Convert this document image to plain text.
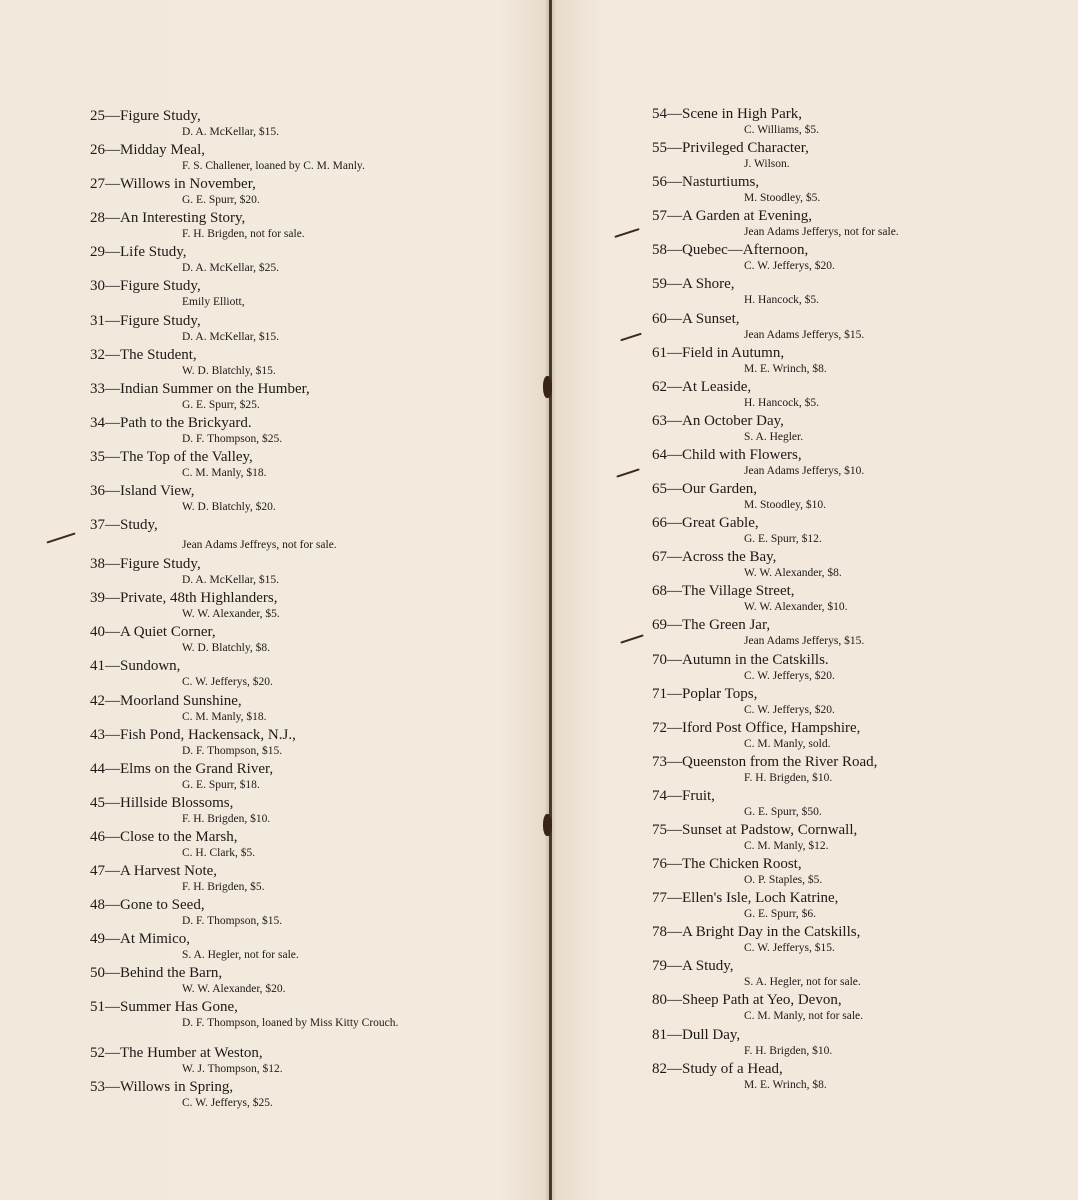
25—Figure Study,
D. A. McKellar, $15.
26—Midday Meal,
F. S. Challener, loaned by C. M. Manly.
27—Willows in November,
G. E. Spurr, $20.
28—An Interesting Story,
F. H. Brigden, not for sale.
29—Life Study,
D. A. McKellar, $25.
30—Figure Study,
Emily Elliott,
31—Figure Study,
D. A. McKellar, $15.
32—The Student,
W. D. Blatchly, $15.
33—Indian Summer on the Humber,
G. E. Spurr, $25.
34—Path to the Brickyard.
D. F. Thompson, $25.
35—The Top of the Valley,
C. M. Manly, $18.
36—Island View,
W. D. Blatchly, $20.
37—Study,
Jean Adams Jeffreys, not for sale.
38—Figure Study,
D. A. McKellar, $15.
39—Private, 48th Highlanders,
W. W. Alexander, $5.
40—A Quiet Corner,
W. D. Blatchly, $8.
41—Sundown,
C. W. Jefferys, $20.
42—Moorland Sunshine,
C. M. Manly, $18.
43—Fish Pond, Hackensack, N.J.,
D. F. Thompson, $15.
44—Elms on the Grand River,
G. E. Spurr, $18.
45—Hillside Blossoms,
F. H. Brigden, $10.
46—Close to the Marsh,
C. H. Clark, $5.
47—A Harvest Note,
F. H. Brigden, $5.
48—Gone to Seed,
D. F. Thompson, $15.
49—At Mimico,
S. A. Hegler, not for sale.
50—Behind the Barn,
W. W. Alexander, $20.
51—Summer Has Gone,
D. F. Thompson, loaned by Miss Kitty Crouch.
52—The Humber at Weston,
W. J. Thompson, $12.
53—Willows in Spring,
C. W. Jefferys, $25.
54—Scene in High Park,
C. Williams, $5.
55—Privileged Character,
J. Wilson.
56—Nasturtiums,
M. Stoodley, $5.
57—A Garden at Evening,
Jean Adams Jefferys, not for sale.
58—Quebec—Afternoon,
C. W. Jefferys, $20.
59—A Shore,
H. Hancock, $5.
60—A Sunset,
Jean Adams Jefferys, $15.
61—Field in Autumn,
M. E. Wrinch, $8.
62—At Leaside,
H. Hancock, $5.
63—An October Day,
S. A. Hegler.
64—Child with Flowers,
Jean Adams Jefferys, $10.
65—Our Garden,
M. Stoodley, $10.
66—Great Gable,
G. E. Spurr, $12.
67—Across the Bay,
W. W. Alexander, $8.
68—The Village Street,
W. W. Alexander, $10.
69—The Green Jar,
Jean Adams Jefferys, $15.
70—Autumn in the Catskills.
C. W. Jefferys, $20.
71—Poplar Tops,
C. W. Jefferys, $20.
72—Iford Post Office, Hampshire,
C. M. Manly, sold.
73—Queenston from the River Road,
F. H. Brigden, $10.
74—Fruit,
G. E. Spurr, $50.
75—Sunset at Padstow, Cornwall,
C. M. Manly, $12.
76—The Chicken Roost,
O. P. Staples, $5.
77—Ellen's Isle, Loch Katrine,
G. E. Spurr, $6.
78—A Bright Day in the Catskills,
C. W. Jefferys, $15.
79—A Study,
S. A. Hegler, not for sale.
80—Sheep Path at Yeo, Devon,
C. M. Manly, not for sale.
81—Dull Day,
F. H. Brigden, $10.
82—Study of a Head,
M. E. Wrinch, $8.
